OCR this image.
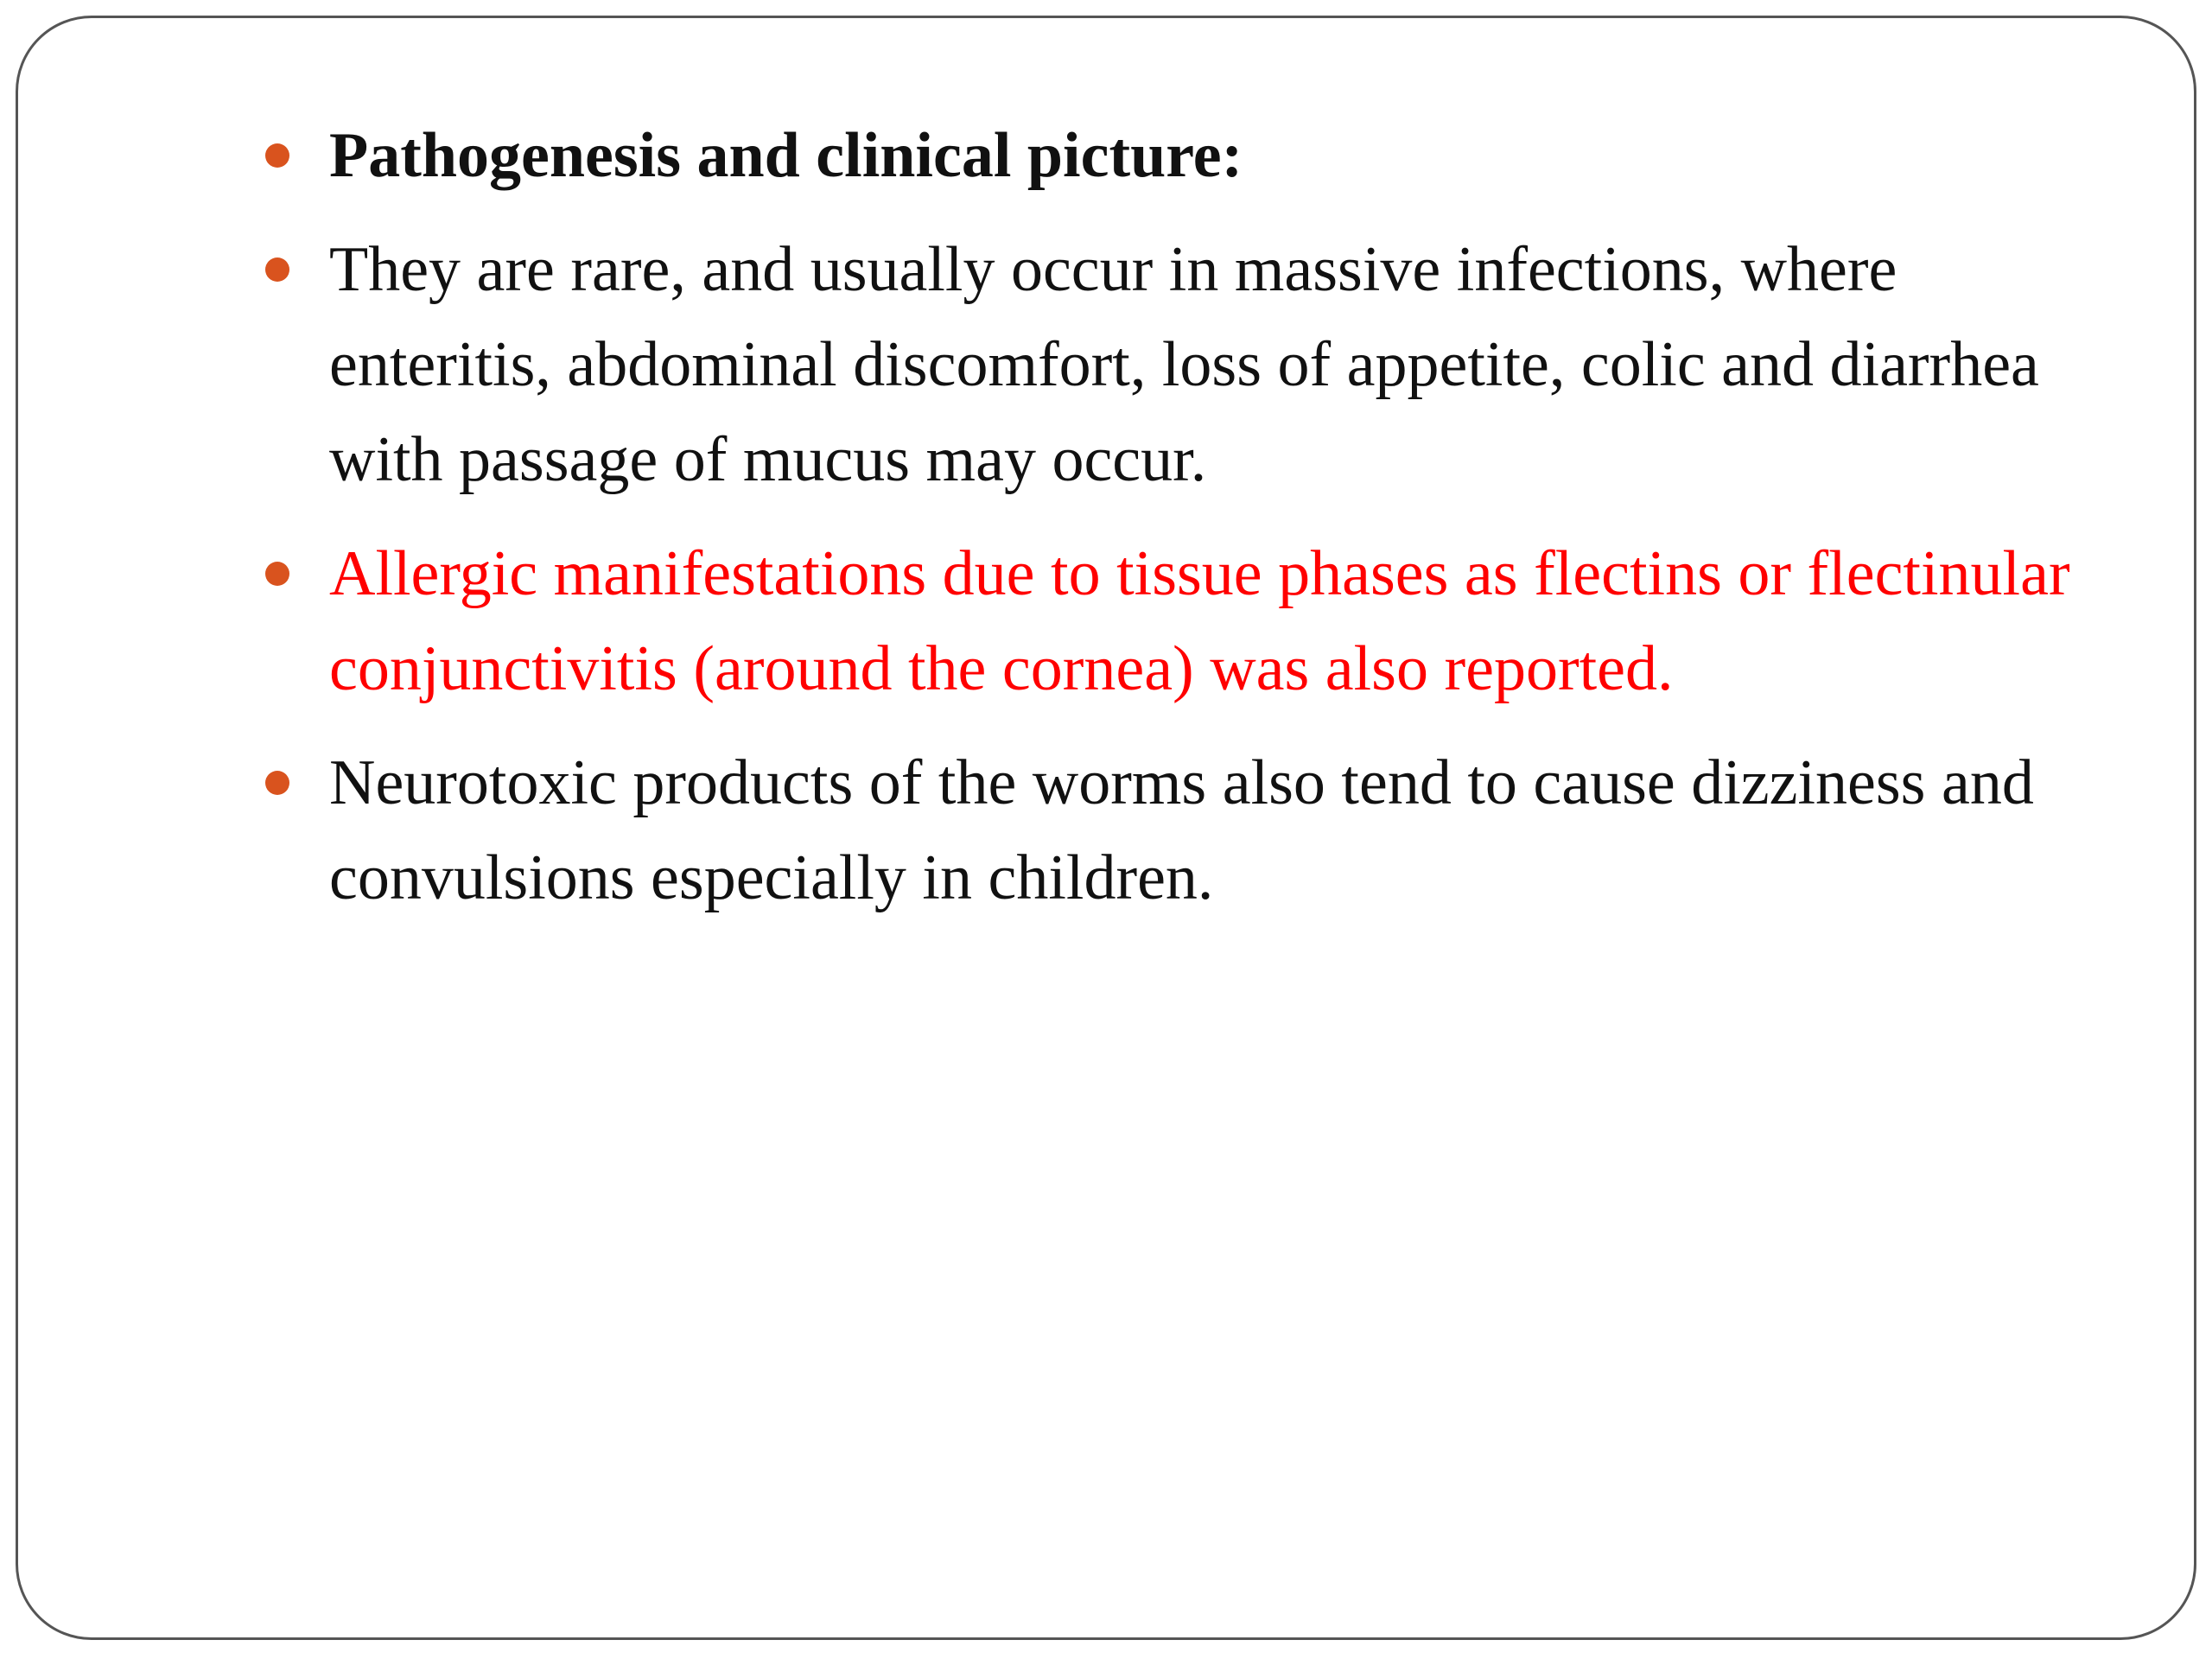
Pathogenesis and clinical picture:
They are rare, and usually occur in massive infections, where enteritis, abdominal discomfort, loss of appetite, colic and diarrhea with passage of mucus may occur.
Allergic manifestations due to tissue phases as flectins or flectinular conjunctivitis (around the cornea) was also reported.
Neurotoxic products of the worms also tend to cause dizziness and convulsions especially in children.
